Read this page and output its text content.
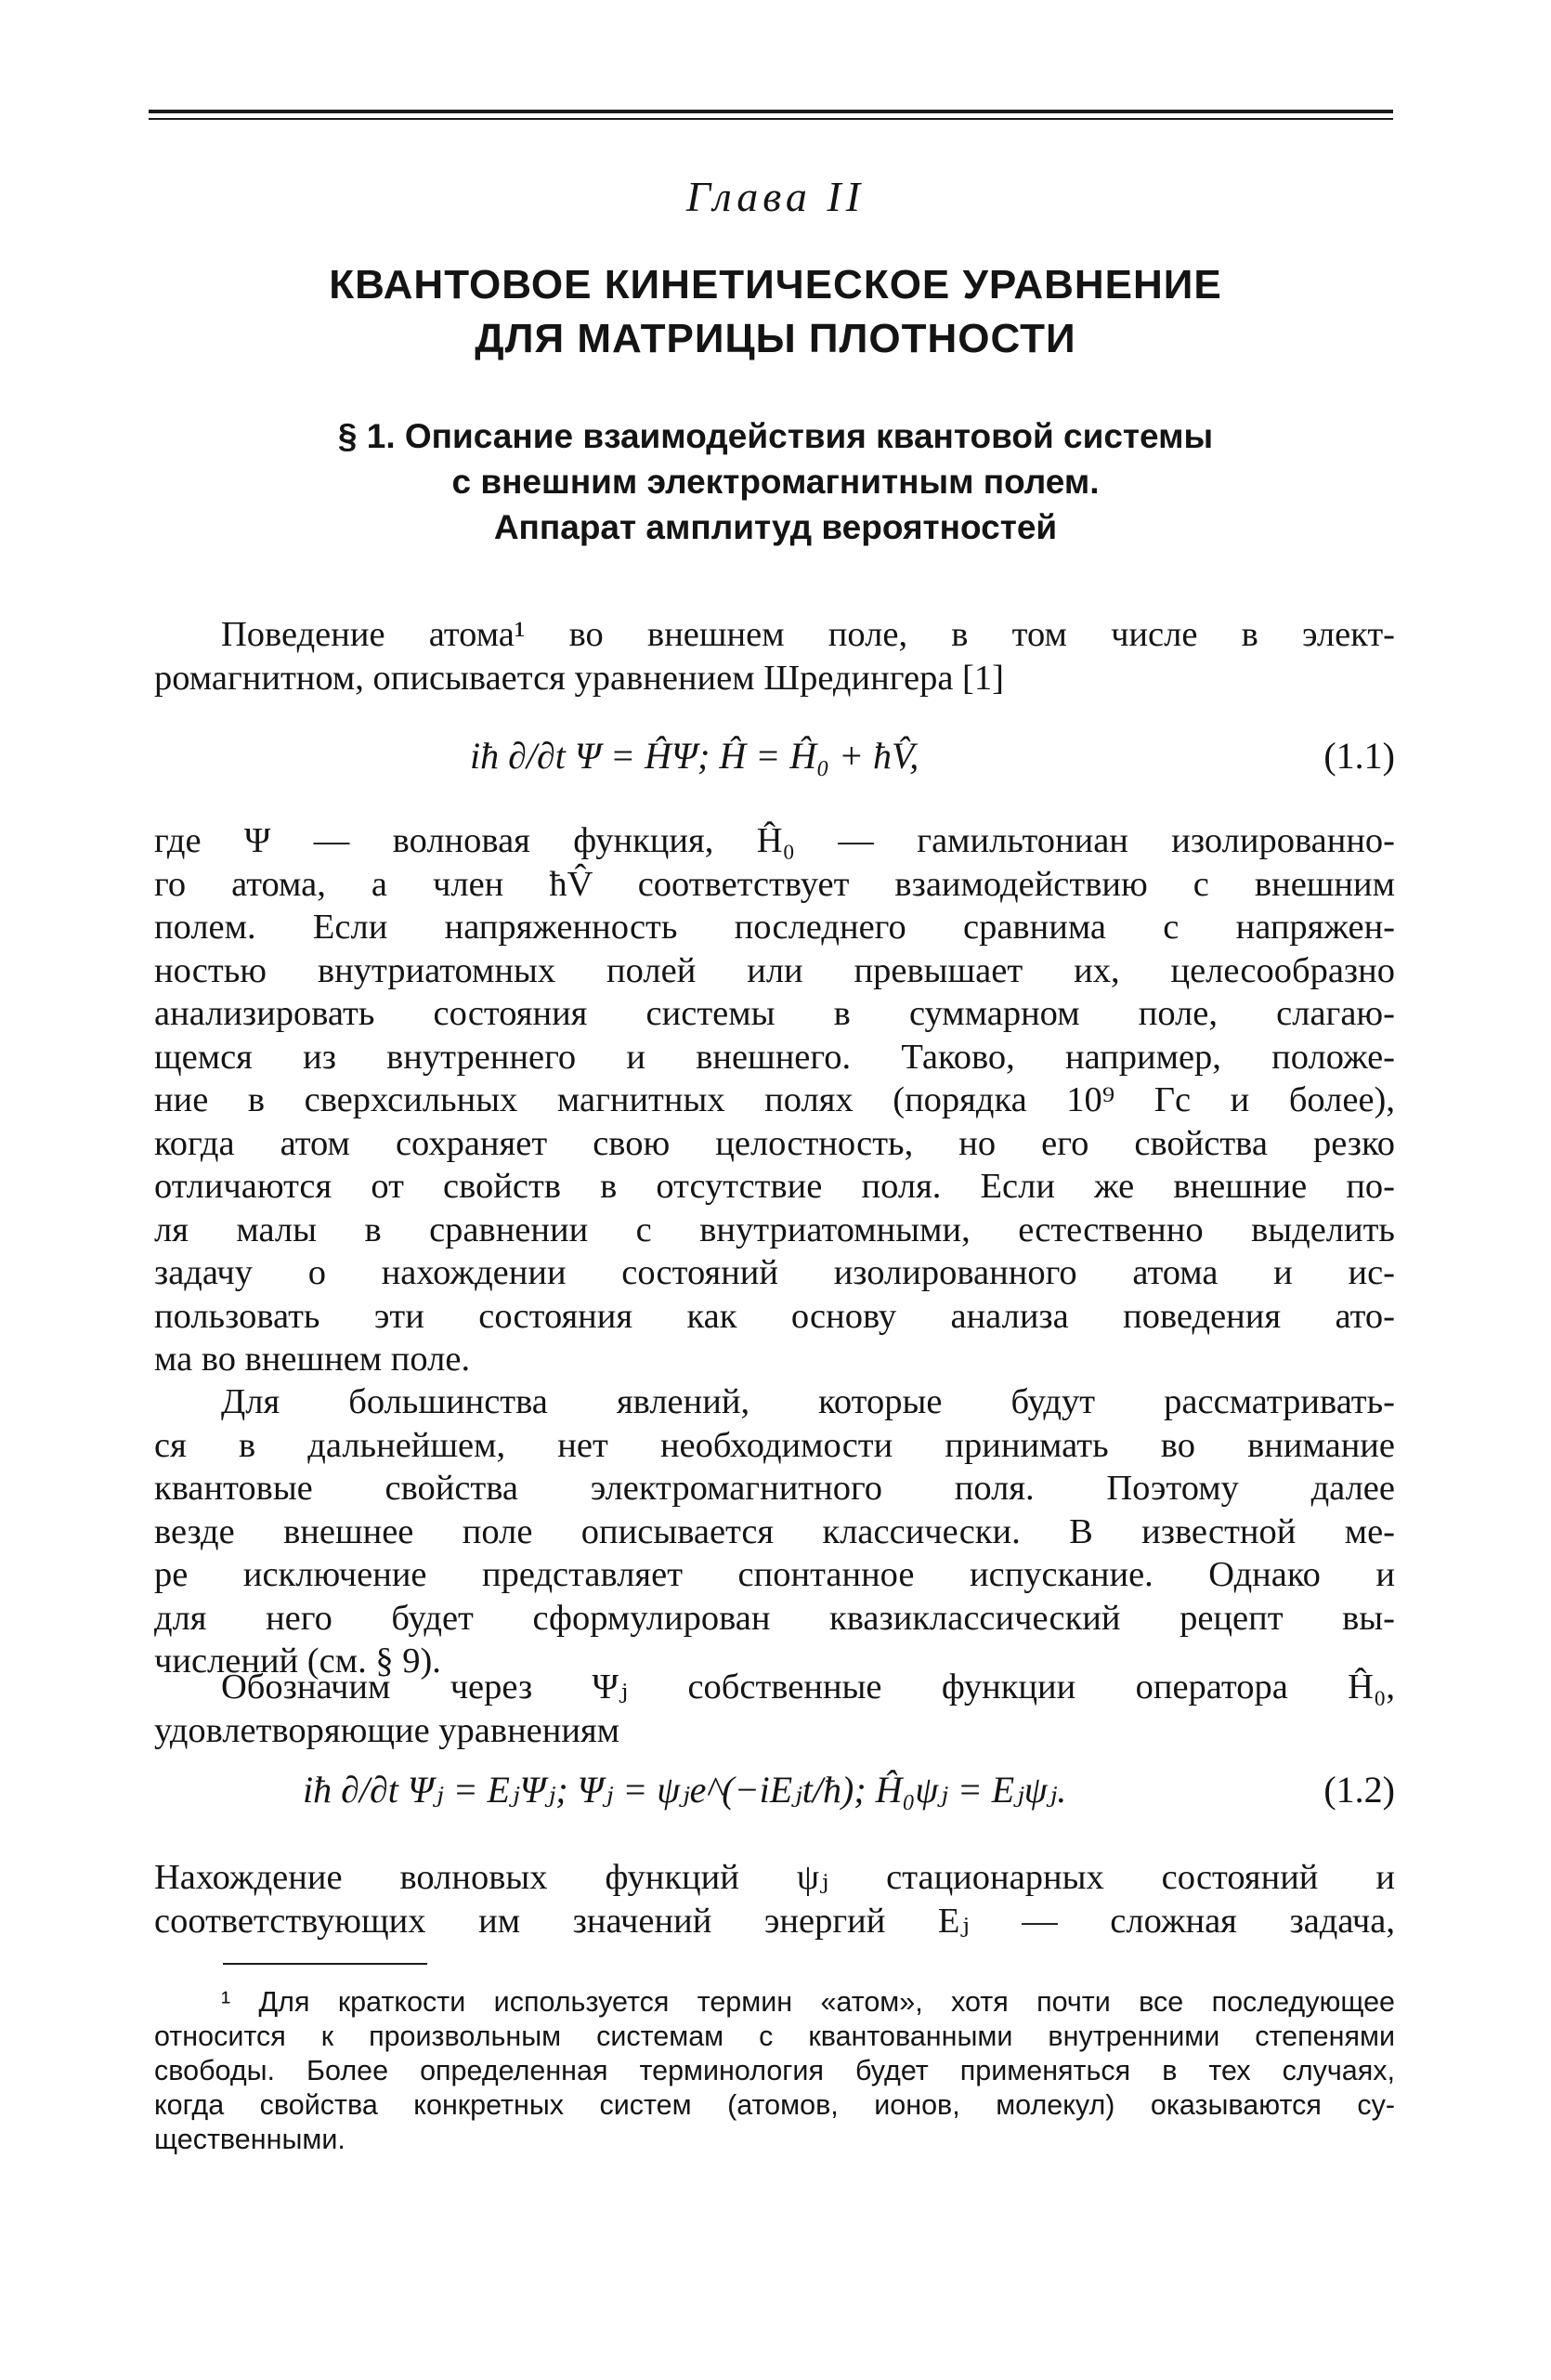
Глава II
КВАНТОВОЕ КИНЕТИЧЕСКОЕ УРАВНЕНИЕ
ДЛЯ МАТРИЦЫ ПЛОТНОСТИ
§ 1. Описание взаимодействия квантовой системы
с внешним электромагнитным полем.
Аппарат амплитуд вероятностей
Поведение атома¹ во внешнем поле, в том числе в элект-
ромагнитном, описывается уравнением Шредингера [1]
iħ ∂/∂t Ψ = ĤΨ; Ĥ = Ĥ₀ + ħV̂,	(1.1)
где Ψ — волновая функция, Ĥ₀ — гамильтониан изолированно-
го атома, а член ħV̂ соответствует взаимодействию с внешним
полем. Если напряженность последнего сравнима с напряжен-
ностью внутриатомных полей или превышает их, целесообразно
анализировать состояния системы в суммарном поле, слагаю-
щемся из внутреннего и внешнего. Таково, например, положе-
ние в сверхсильных магнитных полях (порядка 10⁹ Гс и более),
когда атом сохраняет свою целостность, но его свойства резко
отличаются от свойств в отсутствие поля. Если же внешние по-
ля малы в сравнении с внутриатомными, естественно выделить
задачу о нахождении состояний изолированного атома и ис-
пользовать эти состояния как основу анализа поведения ато-
ма во внешнем поле.
Для большинства явлений, которые будут рассматривать-
ся в дальнейшем, нет необходимости принимать во внимание
квантовые свойства электромагнитного поля. Поэтому далее
везде внешнее поле описывается классически. В известной ме-
ре исключение представляет спонтанное испускание. Однако и
для него будет сформулирован квазиклассический рецепт вы-
числений (см. § 9).
Обозначим через Ψⱼ собственные функции оператора Ĥ₀,
удовлетворяющие уравнениям
iħ ∂/∂t Ψⱼ = EⱼΨⱼ; Ψⱼ = ψⱼe^(−iEⱼt/ħ); Ĥ₀ψⱼ = Eⱼψⱼ.	(1.2)
Нахождение волновых функций ψⱼ стационарных состояний и
соответствующих им значений энергий Eⱼ — сложная задача,
¹ Для краткости используется термин «атом», хотя почти все последующее
относится к произвольным системам с квантованными внутренними степенями
свободы. Более определенная терминология будет применяться в тех случаях,
когда свойства конкретных систем (атомов, ионов, молекул) оказываются су-
щественными.
